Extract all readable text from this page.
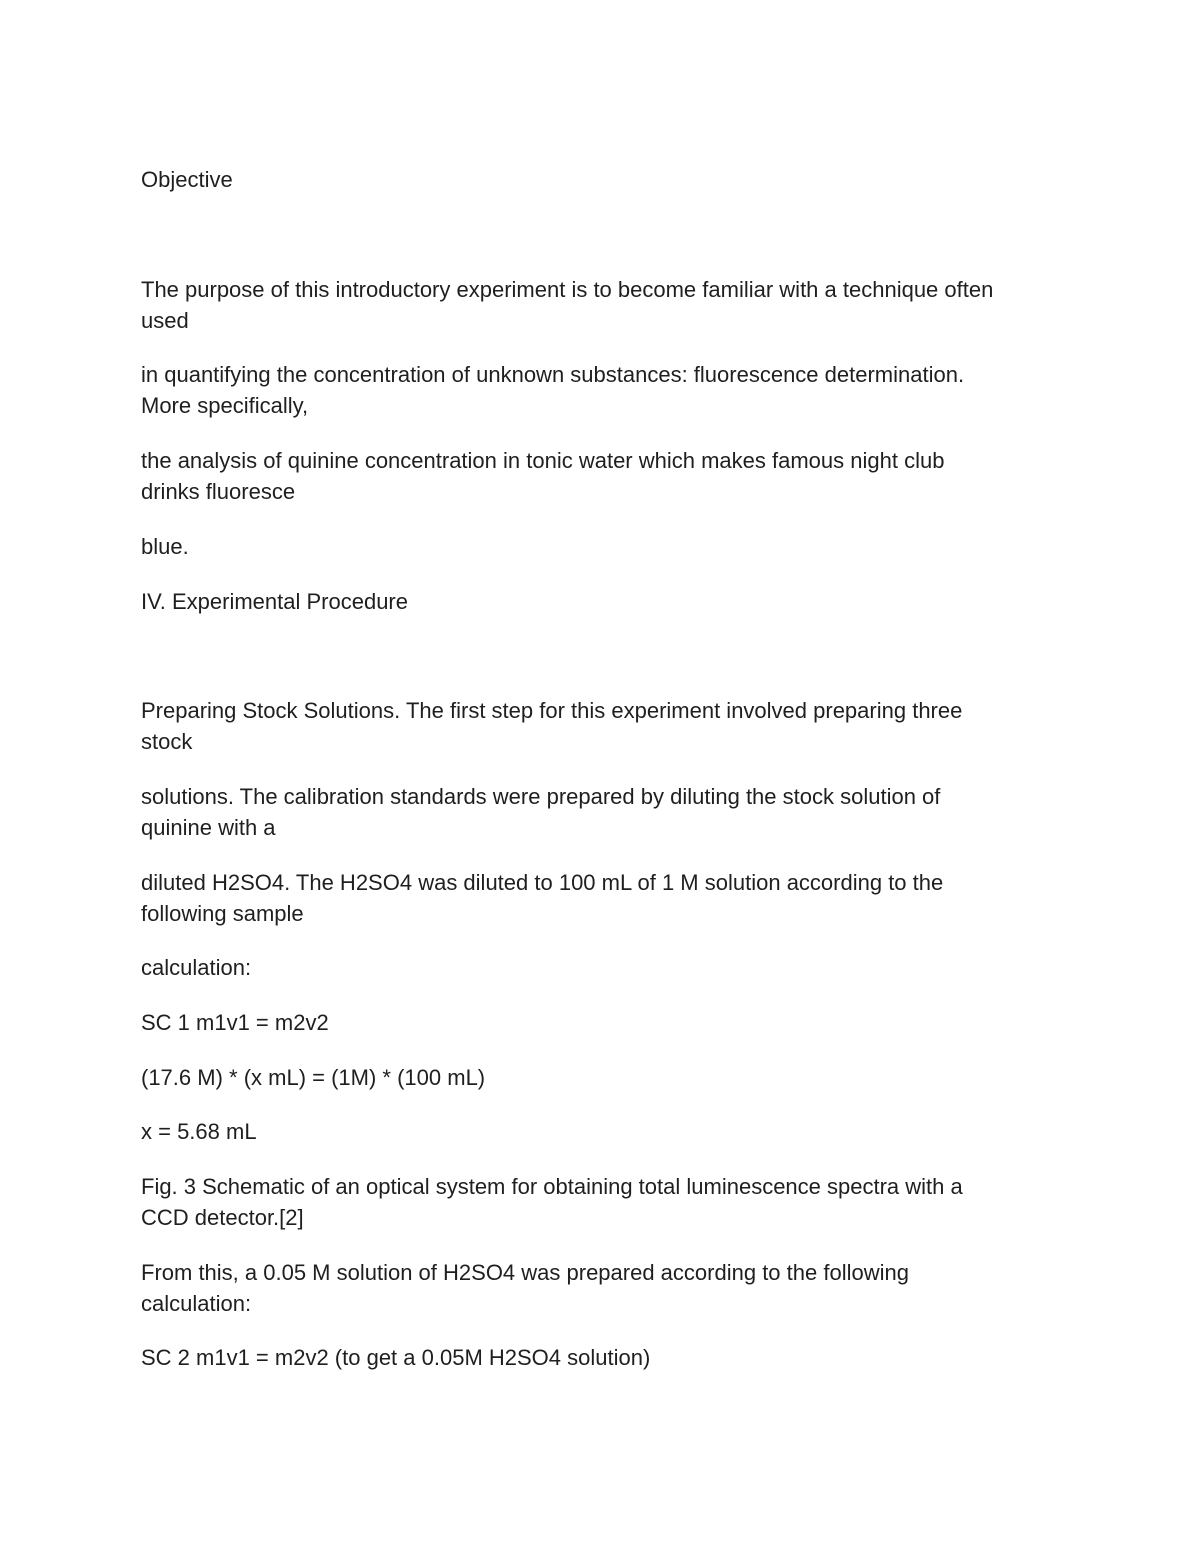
Objective

The purpose of this introductory experiment is to become familiar with a technique often
used

in quantifying the concentration of unknown substances: fluorescence determination.
More specifically,

the analysis of quinine concentration in tonic water which makes famous night club
drinks fluoresce

blue.

IV. Experimental Procedure

Preparing Stock Solutions. The first step for this experiment involved preparing three
stock

solutions. The calibration standards were prepared by diluting the stock solution of
quinine with a

diluted H2SO4. The H2SO4 was diluted to 100 mL of 1 M solution according to the
following sample

calculation:

SC 1 m1v1 = m2v2

(17.6 M) * (x mL) = (1M) * (100 mL)

x = 5.68 mL

Fig. 3 Schematic of an optical system for obtaining total luminescence spectra with a
CCD detector.[2]

From this, a 0.05 M solution of H2SO4 was prepared according to the following
calculation:

SC 2 m1v1 = m2v2 (to get a 0.05M H2SO4 solution)
